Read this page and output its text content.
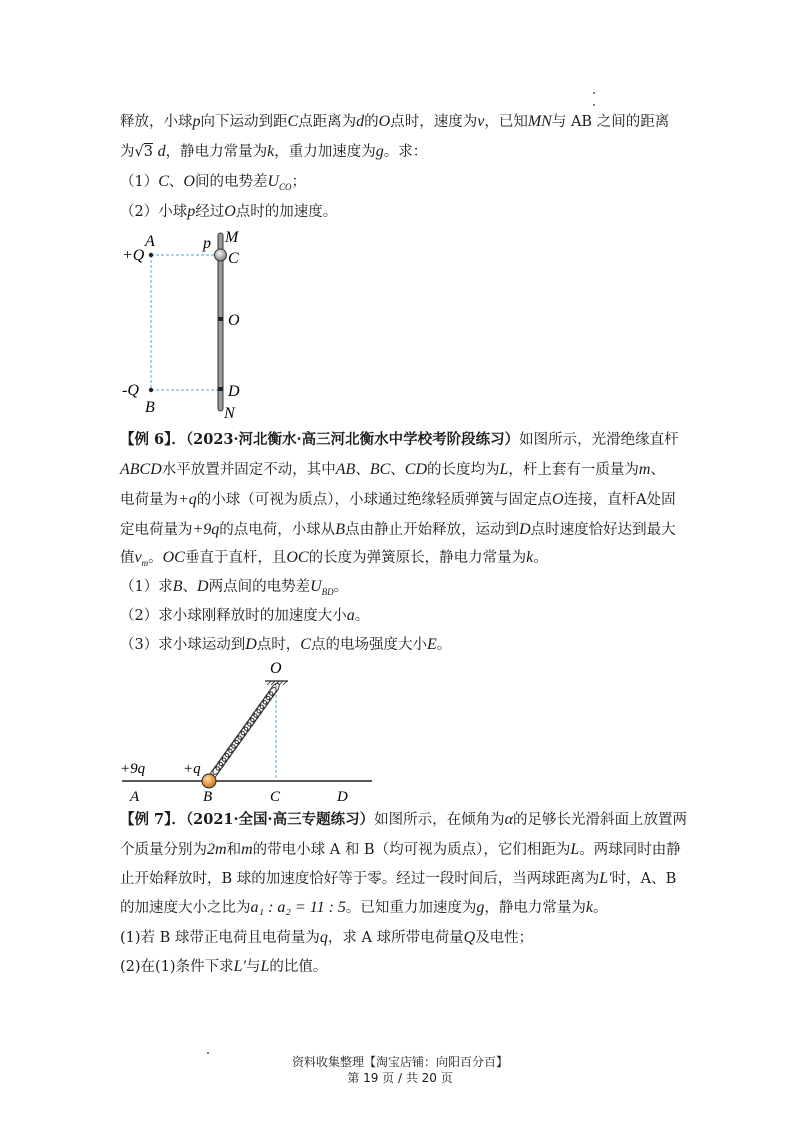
释放，小球p向下运动到距C点距离为d的O点时，速度为v，已知MN与 AB 之间的距离
为√3 d，静电力常量为k，重力加速度为g。求：
（1）C、O间的电势差$U_{CO}$；
（2）小球p经过O点时的加速度。
+Q
A
-Q
B
p M
C
O
D
N
【例 6】．（2023·河北衡水·高三河北衡水中学校考阶段练习）如图所示，光滑绝缘直杆
ABCD水平放置并固定不动，其中AB、BC、CD的长度均为L，杆上套有一质量为m、
电荷量为+q的小球（可视为质点），小球通过绝缘轻质弹簧与固定点O连接，直杆A处固
定电荷量为+9q的点电荷，小球从B点由静止开始释放，运动到D点时速度恰好达到最大
值$v_m$。OC垂直于直杆，且OC的长度为弹簧原长，静电力常量为k。
（1）求B、D两点间的电势差$U_{BD}$。
（2）求小球刚释放时的加速度大小a。
（3）求小球运动到D点时，C点的电场强度大小E。
O
+9q	+q
A	B	C	D
【例 7】．（2021·全国·高三专题练习）如图所示，在倾角为α的足够长光滑斜面上放置两
个质量分别为2m和m的带电小球 A 和 B（均可视为质点），它们相距为L。两球同时由静
止开始释放时，B 球的加速度恰好等于零。经过一段时间后，当两球距离为L′时，A、B
的加速度大小之比为a₁ : a₂ = 11 : 5。已知重力加速度为g，静电力常量为k。
(1)若 B 球带正电荷且电荷量为q，求 A 球所带电荷量Q及电性；
(2)在(1)条件下求L′与L的比值。
资料收集整理【淘宝店铺：向阳百分百】
第 19 页 / 共 20 页
